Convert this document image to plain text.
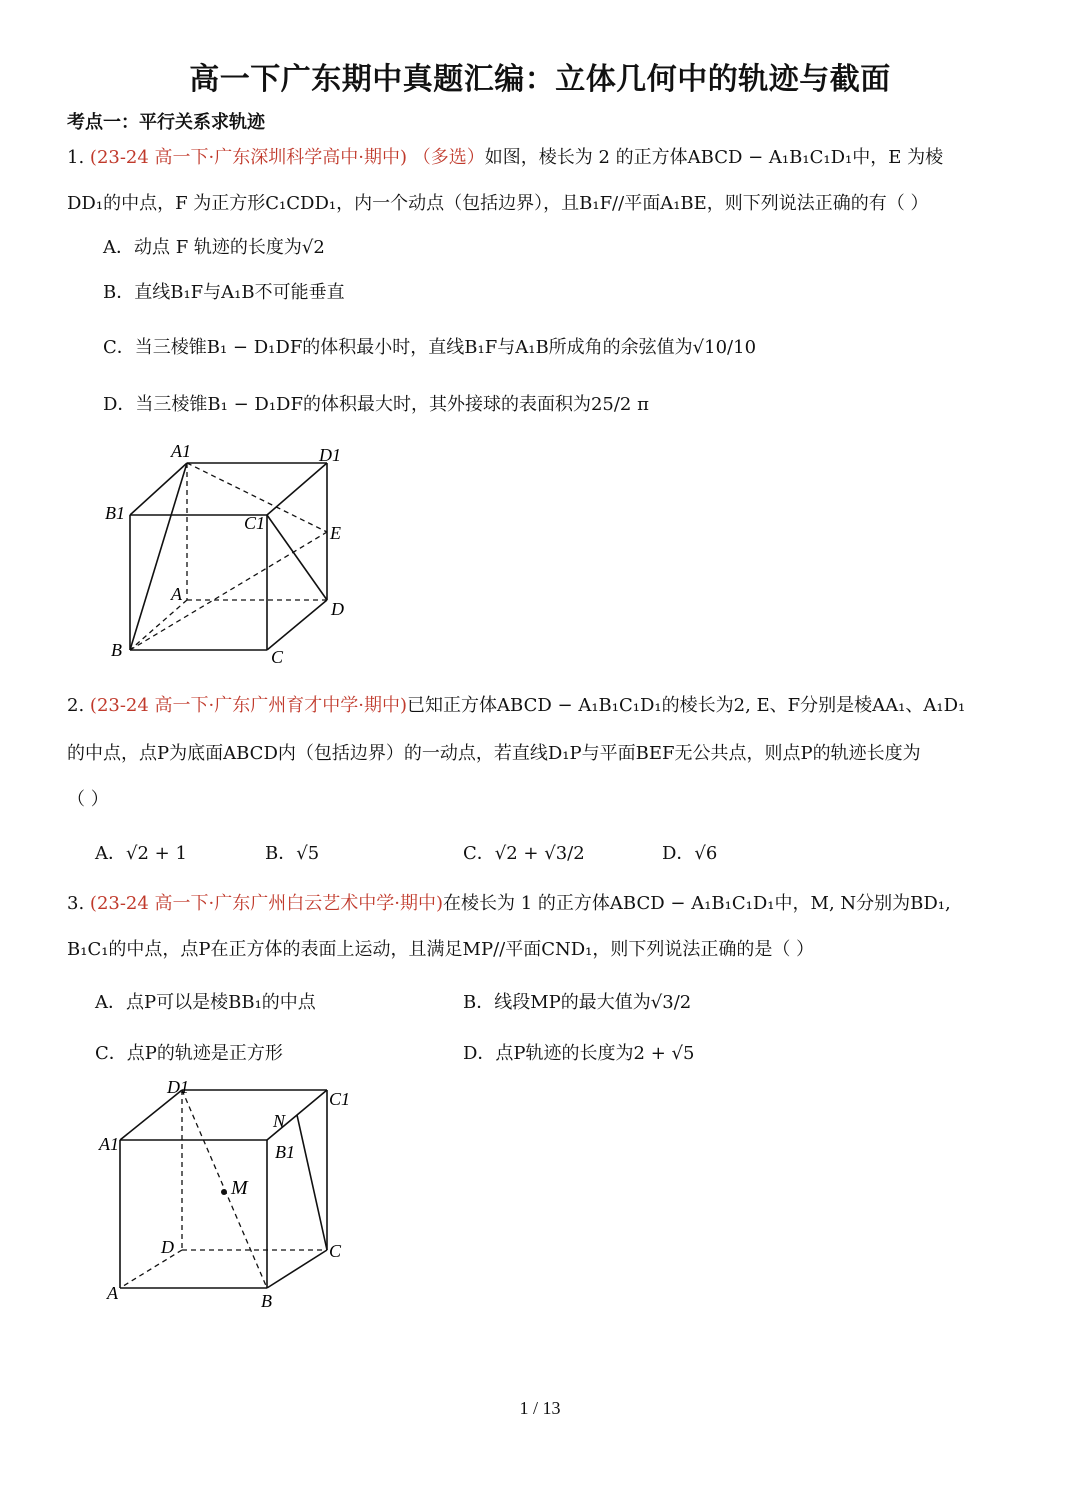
高一下广东期中真题汇编：立体几何中的轨迹与截面
考点一：平行关系求轨迹
1. (23-24 高一下·广东深圳科学高中·期中) （多选）如图，棱长为 2 的正方体ABCD − A₁B₁C₁D₁中，E 为棱
DD₁的中点，F 为正方形C₁CDD₁，内一个动点（包括边界），且B₁F//平面A₁BE，则下列说法正确的有（ ）
A．动点 F 轨迹的长度为√2
B．直线B₁F与A₁B不可能垂直
C．当三棱锥B₁ − D₁DF的体积最小时，直线B₁F与A₁B所成角的余弦值为√10/10
D．当三棱锥B₁ − D₁DF的体积最大时，其外接球的表面积为25/2 π
A1	D1
B1	C1	E
A
D
B	C
2. (23-24 高一下·广东广州育才中学·期中)已知正方体ABCD − A₁B₁C₁D₁的棱长为2, E、F分别是棱AA₁、A₁D₁
的中点，点P为底面ABCD内（包括边界）的一动点，若直线D₁P与平面BEF无公共点，则点P的轨迹长度为
（ ）
A．√2 + 1	B．√5	C．√2 + √3/2	D．√6
3. (23-24 高一下·广东广州白云艺术中学·期中)在棱长为 1 的正方体ABCD − A₁B₁C₁D₁中，M, N分别为BD₁,
B₁C₁的中点，点P在正方体的表面上运动，且满足MP//平面CND₁，则下列说法正确的是（ ）
A．点P可以是棱BB₁的中点	B．线段MP的最大值为√3/2
C．点P的轨迹是正方形	D．点P轨迹的长度为2 + √5
D1
C1
N
A1	B1
M
D	C
A	B
1 / 13
